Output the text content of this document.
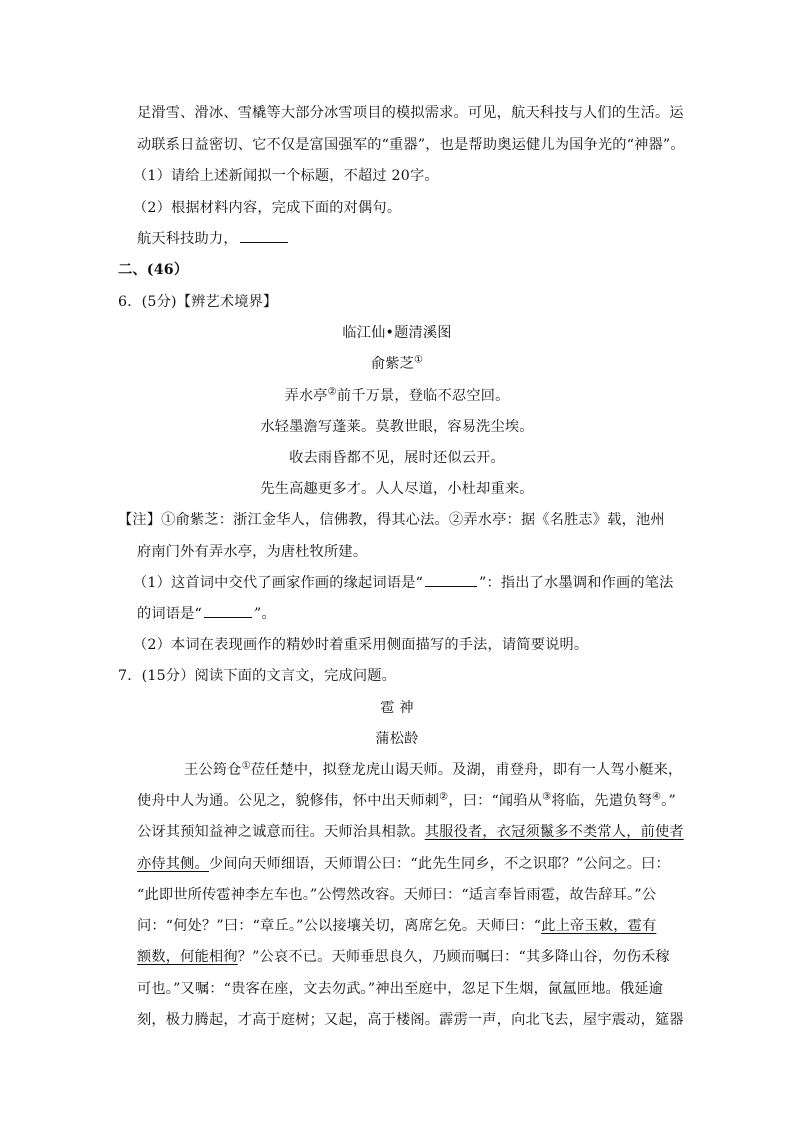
足滑雪、滑冰、雪橇等大部分冰雪项目的模拟需求。可见，航天科技与人们的生活。运
动联系日益密切、它不仅是富国强军的“重器”，也是帮助奥运健儿为国争光的“神器”。
（1）请给上述新闻拟一个标题，不超过 20字。
（2）根据材料内容，完成下面的对偶句。
航天科技助力，
二、(46）
6．(5分)【辨艺术境界】
临江仙•题清溪图
俞紫芝①
弄水亭②前千万景，登临不忍空回。
水轻墨澹写蓬莱。莫教世眼，容易洗尘埃。
收去雨昏都不见，展时还似云开。
先生高趣更多才。人人尽道，小杜却重来。
【注】①俞紫芝：浙江金华人，信佛教，得其心法。②弄水亭：据《名胜志》载，池州
府南门外有弄水亭，为唐杜牧所建。
（1）这首词中交代了画家作画的缘起词语是“	”：指出了水墨调和作画的笔法
的词语是“	”。
（2）本词在表现画作的精妙时着重采用侧面描写的手法，请简要说明。
7．(15分）阅读下面的文言文，完成问题。
雹 神
蒲松龄
王公筠仓①莅任楚中，拟登龙虎山谒天师。及湖，甫登舟，即有一人驾小艇来，
使舟中人为通。公见之，貌修伟，怀中出天师刺②，曰：“闻驺从③将临，先遣负弩④。”
公讶其预知益神之诚意而往。天师治具相款。其服役者，衣冠须鬣多不类常人，前使者
亦侍其侧。少间向天师细语，天师谓公曰：“此先生同乡，不之识耶？”公问之。曰：
“此即世所传雹神李左车也。”公愕然改容。天师曰：“适言奉旨雨雹，故告辞耳。”公
问：“何处？”曰：“章丘。”公以接壤关切，离席乞免。天师曰：“此上帝玉敕，雹有
额数，何能相徇？”公哀不已。天师垂思良久，乃顾而嘱曰：“其多降山谷，勿伤禾稼
可也。”又嘱：“贵客在座，文去勿武。”神出至庭中，忽足下生烟，氤氲匝地。俄延逾
刻，极力腾起，才高于庭树；又起，高于楼阁。霹雳一声，向北飞去，屋宇震动，筵器
